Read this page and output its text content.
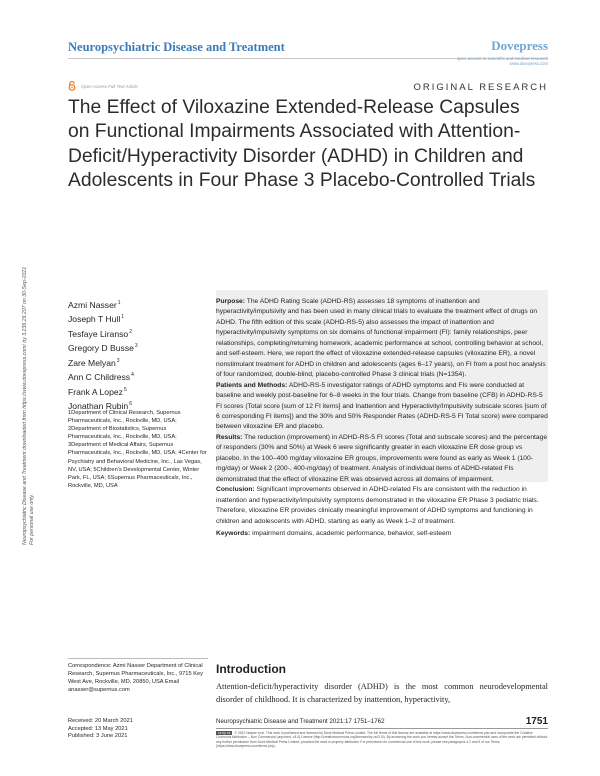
Neuropsychiatric Disease and Treatment	Dovepress
open access to scientific and medical research
www.dovepress.com
Open Access Full Text Article	ORIGINAL RESEARCH
The Effect of Viloxazine Extended-Release Capsules on Functional Impairments Associated with Attention-Deficit/Hyperactivity Disorder (ADHD) in Children and Adolescents in Four Phase 3 Placebo-Controlled Trials
Azmi Nasser$^1$
Joseph T Hull$^1$
Tesfaye Liranso$^2$
Gregory D Busse$^3$
Zare Melyan$^3$
Ann C Childress$^4$
Frank A Lopez$^5$
Jonathan Rubin$^6$
1Department of Clinical Research, Supernus Pharmaceuticals, Inc., Rockville, MD, USA; 2Department of Biostatistics, Supernus Pharmaceuticals, Inc., Rockville, MD, USA; 3Department of Medical Affairs, Supernus Pharmaceuticals, Inc., Rockville, MD, USA; 4Center for Psychiatry and Behavioral Medicine, Inc., Las Vegas, NV, USA; 5Children's Developmental Center, Winter Park, FL, USA; 6Supernus Pharmaceuticals, Inc., Rockville, MD, USA

Purpose: The ADHD Rating Scale (ADHD-RS) assesses 18 symptoms of inattention and hyperactivity/impulsivity and has been used in many clinical trials to evaluate the treatment effect of drugs on ADHD. The fifth edition of this scale (ADHD-RS-5) also assesses the impact of inattention and hyperactivity/impulsivity symptoms on six domains of functional impairment (FI): family relationships, peer relationships, completing/returning homework, academic performance at school, controlling behavior at school, and self-esteem. Here, we report the effect of viloxazine extended-release capsules (viloxazine ER), a novel nonstimulant treatment for ADHD in children and adolescents (ages 6–17 years), on FI from a post hoc analysis of four randomized, double-blind, placebo-controlled Phase 3 clinical trials (N=1354).

Patients and Methods: ADHD-RS-5 investigator ratings of ADHD symptoms and FIs were conducted at baseline and weekly post-baseline for 6–8 weeks in the four trials. Change from baseline (CFB) in ADHD-RS-5 FI scores (Total score [sum of 12 FI items] and Inattention and Hyperactivity/Impulsivity subscale scores [sum of 6 corresponding FI items]) and the 30% and 50% Responder Rates (ADHD-RS-5 FI Total score) were compared between viloxazine ER and placebo.

Results: The reduction (improvement) in ADHD-RS-5 FI scores (Total and subscale scores) and the percentage of responders (30% and 50%) at Week 6 were significantly greater in each viloxazine ER dose group vs placebo. In the 100–400 mg/day viloxazine ER groups, improvements were found as early as Week 1 (100-mg/day) or Week 2 (200-, 400-mg/day) of treatment. Analysis of individual items of ADHD-related FIs demonstrated that the effect of viloxazine ER was observed across all domains of impairment.

Conclusion: Significant improvements observed in ADHD-related FIs are consistent with the reduction in inattention and hyperactivity/impulsivity symptoms demonstrated in the viloxazine ER Phase 3 pediatric trials. Therefore, viloxazine ER provides clinically meaningful improvement of ADHD symptoms and functioning in children and adolescents with ADHD, starting as early as Week 1–2 of treatment.

Keywords: impairment domains, academic performance, behavior, self-esteem

Correspondence: Azmi Nasser Department of Clinical Research, Supernus Pharmaceuticals, Inc., 9715 Key West Ave, Rockville, MD, 20850, USA Email anasser@supernus.com
Introduction

Attention-deficit/hyperactivity disorder (ADHD) is the most common neurodevelopmental disorder of childhood. It is characterized by inattention, hyperactivity,

Received: 20 March 2021
Accepted: 13 May 2021
Published: 3 June 2021
Neuropsychiatric Disease and Treatment 2021:17 1751–1762	1751
cc by nc © 2021 Nasser et al. This work is published and licensed by Dove Medical Press Limited. The full terms of this license are available at https://www.dovepress.com/terms.php and incorporate the Creative Commons Attribution – Non Commercial (unported, v3.0) License (http://creativecommons.org/licenses/by-nc/3.0/). By accessing the work you hereby accept the Terms. Non-commercial uses of the work are permitted without any further permission from Dove Medical Press Limited, provided the work is properly attributed. For permission for commercial use of this work, please see paragraphs 4.2 and 5 of our Terms (https://www.dovepress.com/terms.php).
Neuropsychiatric Disease and Treatment downloaded from https://www.dovepress.com/ by 3.236.29.207 on 30-Sep-2021 For personal use only.
